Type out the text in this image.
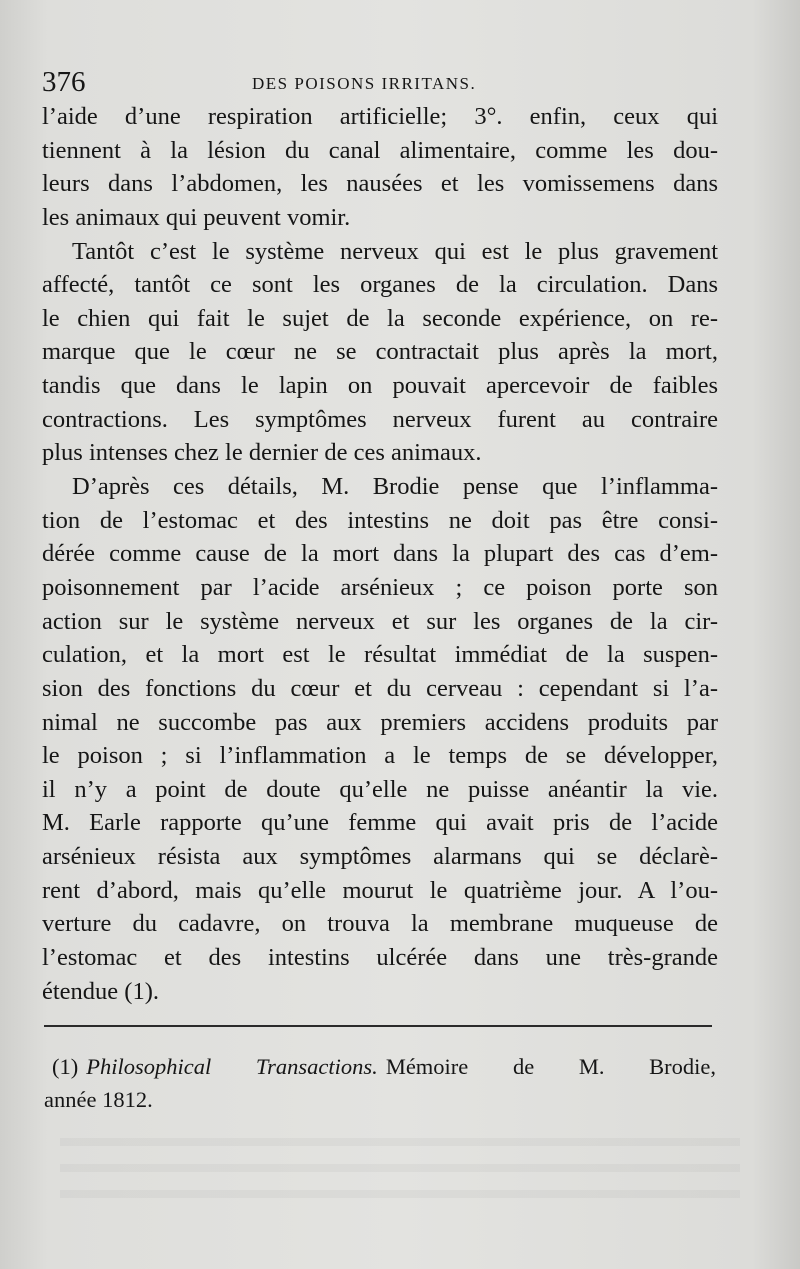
376	DES POISONS IRRITANS.
l’aide d’une respiration artificielle; 3°. enfin, ceux qui
tiennent à la lésion du canal alimentaire, comme les dou-
leurs dans l’abdomen, les nausées et les vomissemens dans
les animaux qui peuvent vomir.
Tantôt c’est le système nerveux qui est le plus gravement
affecté, tantôt ce sont les organes de la circulation. Dans
le chien qui fait le sujet de la seconde expérience, on re-
marque que le cœur ne se contractait plus après la mort,
tandis que dans le lapin on pouvait apercevoir de faibles
contractions. Les symptômes nerveux furent au contraire
plus intenses chez le dernier de ces animaux.
D’après ces détails, M. Brodie pense que l’inflamma-
tion de l’estomac et des intestins ne doit pas être consi-
dérée comme cause de la mort dans la plupart des cas d’em-
poisonnement par l’acide arsénieux ; ce poison porte son
action sur le système nerveux et sur les organes de la cir-
culation, et la mort est le résultat immédiat de la suspen-
sion des fonctions du cœur et du cerveau : cependant si l’a-
nimal ne succombe pas aux premiers accidens produits par
le poison ; si l’inflammation a le temps de se développer,
il n’y a point de doute qu’elle ne puisse anéantir la vie.
M. Earle rapporte qu’une femme qui avait pris de l’acide
arsénieux résista aux symptômes alarmans qui se déclarè-
rent d’abord, mais qu’elle mourut le quatrième jour. A l’ou-
verture du cadavre, on trouva la membrane muqueuse de
l’estomac et des intestins ulcérée dans une très-grande
étendue (1).
(1) Philosophical Transactions. Mémoire de M. Brodie,
année 1812.
